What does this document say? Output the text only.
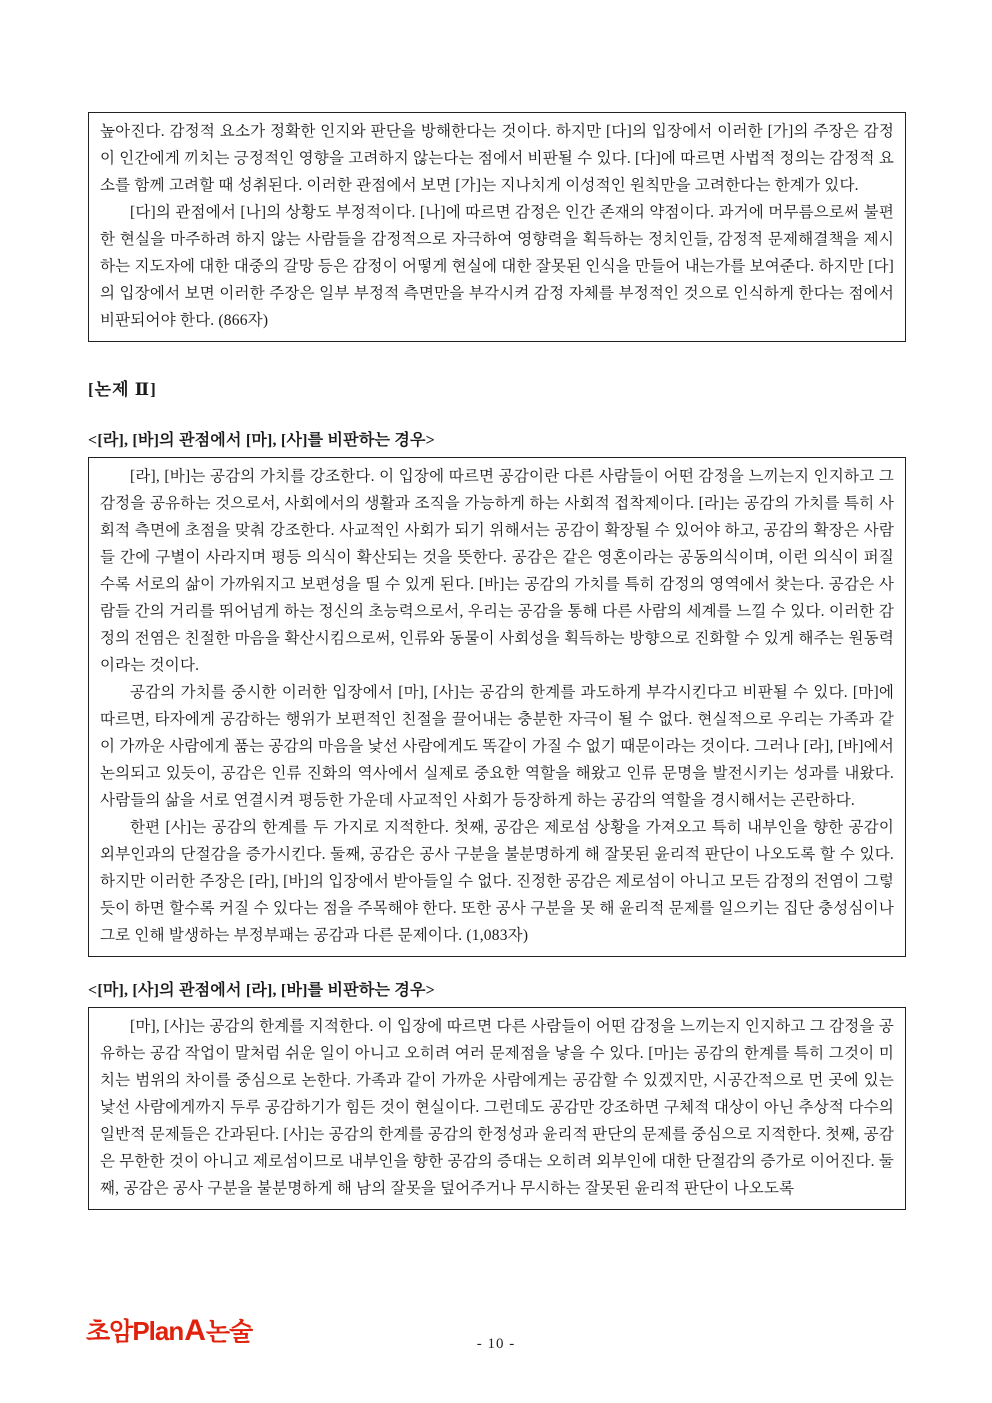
높아진다. 감정적 요소가 정확한 인지와 판단을 방해한다는 것이다. 하지만 [다]의 입장에서 이러한 [가]의 주장은 감정이 인간에게 끼치는 긍정적인 영향을 고려하지 않는다는 점에서 비판될 수 있다. [다]에 따르면 사법적 정의는 감정적 요소를 함께 고려할 때 성취된다. 이러한 관점에서 보면 [가]는 지나치게 이성적인 원칙만을 고려한다는 한계가 있다.

[다]의 관점에서 [나]의 상황도 부정적이다. [나]에 따르면 감정은 인간 존재의 약점이다. 과거에 머무름으로써 불편한 현실을 마주하려 하지 않는 사람들을 감정적으로 자극하여 영향력을 획득하는 정치인들, 감정적 문제해결책을 제시하는 지도자에 대한 대중의 갈망 등은 감정이 어떻게 현실에 대한 잘못된 인식을 만들어 내는가를 보여준다. 하지만 [다]의 입장에서 보면 이러한 주장은 일부 부정적 측면만을 부각시켜 감정 자체를 부정적인 것으로 인식하게 한다는 점에서 비판되어야 한다. (866자)

[논제 Ⅱ]
<[라], [바]의 관점에서 [마], [사]를 비판하는 경우>

[라], [바]는 공감의 가치를 강조한다. 이 입장에 따르면 공감이란 다른 사람들이 어떤 감정을 느끼는지 인지하고 그 감정을 공유하는 것으로서, 사회에서의 생활과 조직을 가능하게 하는 사회적 접착제이다. [라]는 공감의 가치를 특히 사회적 측면에 초점을 맞춰 강조한다. 사교적인 사회가 되기 위해서는 공감이 확장될 수 있어야 하고, 공감의 확장은 사람들 간에 구별이 사라지며 평등 의식이 확산되는 것을 뜻한다. 공감은 같은 영혼이라는 공동의식이며, 이런 의식이 퍼질수록 서로의 삶이 가까워지고 보편성을 띨 수 있게 된다. [바]는 공감의 가치를 특히 감정의 영역에서 찾는다. 공감은 사람들 간의 거리를 뛰어넘게 하는 정신의 초능력으로서, 우리는 공감을 통해 다른 사람의 세계를 느낄 수 있다. 이러한 감정의 전염은 친절한 마음을 확산시킴으로써, 인류와 동물이 사회성을 획득하는 방향으로 진화할 수 있게 해주는 원동력이라는 것이다.

공감의 가치를 중시한 이러한 입장에서 [마], [사]는 공감의 한계를 과도하게 부각시킨다고 비판될 수 있다. [마]에 따르면, 타자에게 공감하는 행위가 보편적인 친절을 끌어내는 충분한 자극이 될 수 없다. 현실적으로 우리는 가족과 같이 가까운 사람에게 품는 공감의 마음을 낯선 사람에게도 똑같이 가질 수 없기 때문이라는 것이다. 그러나 [라], [바]에서 논의되고 있듯이, 공감은 인류 진화의 역사에서 실제로 중요한 역할을 해왔고 인류 문명을 발전시키는 성과를 내왔다. 사람들의 삶을 서로 연결시켜 평등한 가운데 사교적인 사회가 등장하게 하는 공감의 역할을 경시해서는 곤란하다.

한편 [사]는 공감의 한계를 두 가지로 지적한다. 첫째, 공감은 제로섬 상황을 가져오고 특히 내부인을 향한 공감이 외부인과의 단절감을 증가시킨다. 둘째, 공감은 공사 구분을 불분명하게 해 잘못된 윤리적 판단이 나오도록 할 수 있다. 하지만 이러한 주장은 [라], [바]의 입장에서 받아들일 수 없다. 진정한 공감은 제로섬이 아니고 모든 감정의 전염이 그렇듯이 하면 할수록 커질 수 있다는 점을 주목해야 한다. 또한 공사 구분을 못 해 윤리적 문제를 일으키는 집단 충성심이나 그로 인해 발생하는 부정부패는 공감과 다른 문제이다. (1,083자)

<[마], [사]의 관점에서 [라], [바]를 비판하는 경우>

[마], [사]는 공감의 한계를 지적한다. 이 입장에 따르면 다른 사람들이 어떤 감정을 느끼는지 인지하고 그 감정을 공유하는 공감 작업이 말처럼 쉬운 일이 아니고 오히려 여러 문제점을 낳을 수 있다. [마]는 공감의 한계를 특히 그것이 미치는 범위의 차이를 중심으로 논한다. 가족과 같이 가까운 사람에게는 공감할 수 있겠지만, 시공간적으로 먼 곳에 있는 낯선 사람에게까지 두루 공감하기가 힘든 것이 현실이다. 그런데도 공감만 강조하면 구체적 대상이 아닌 추상적 다수의 일반적 문제들은 간과된다. [사]는 공감의 한계를 공감의 한정성과 윤리적 판단의 문제를 중심으로 지적한다. 첫째, 공감은 무한한 것이 아니고 제로섬이므로 내부인을 향한 공감의 증대는 오히려 외부인에 대한 단절감의 증가로 이어진다. 둘째, 공감은 공사 구분을 불분명하게 해 남의 잘못을 덮어주거나 무시하는 잘못된 윤리적 판단이 나오도록

초암PlanA논술	- 10 -
